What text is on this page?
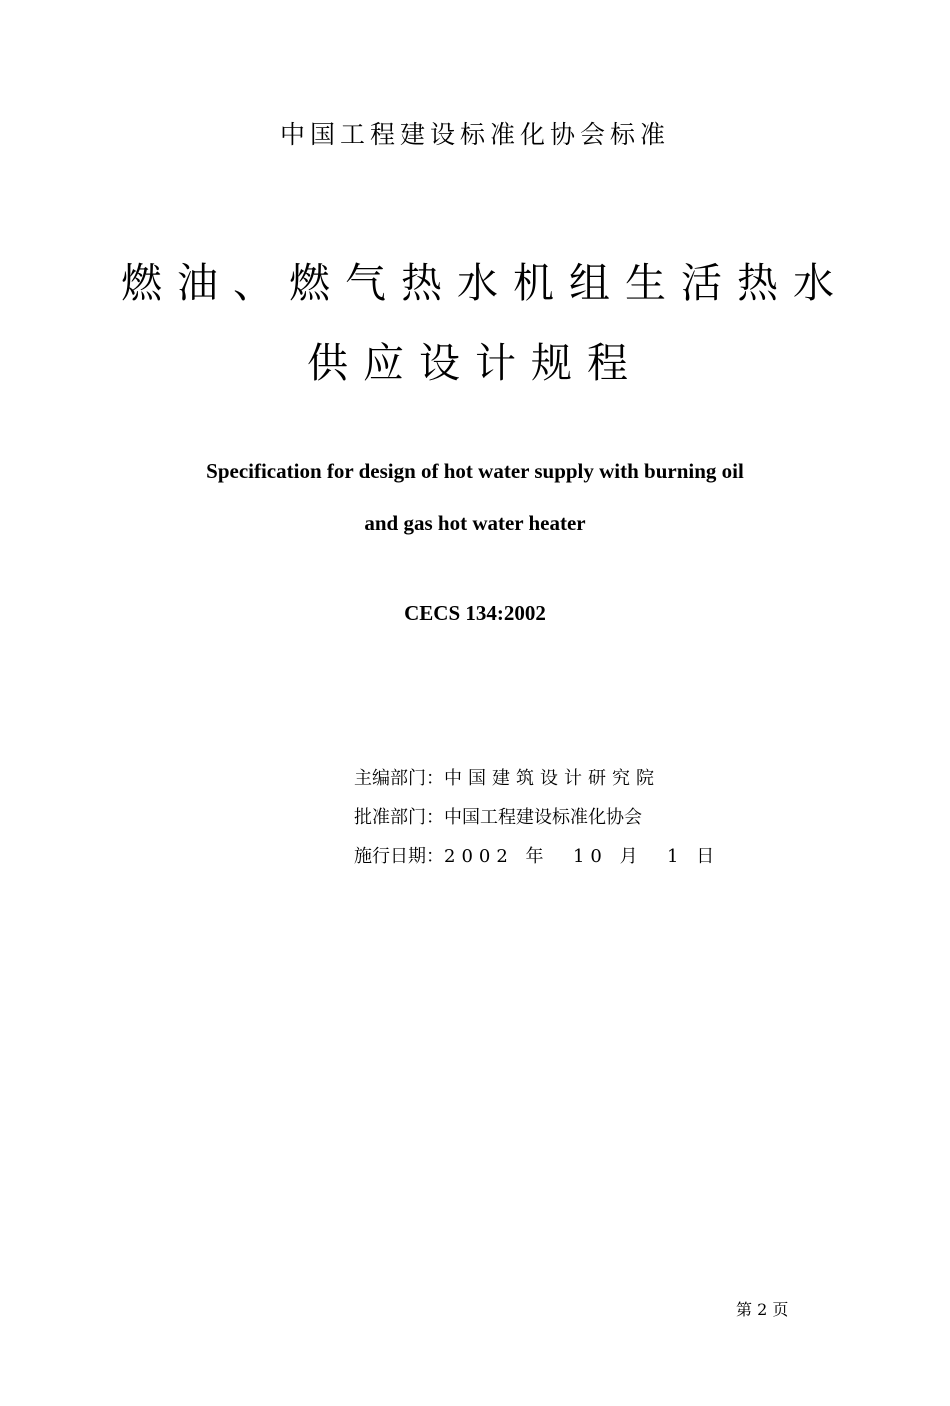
中国工程建设标准化协会标准
燃油、燃气热水机组生活热水
供应设计规程
Specification for design of hot water supply with burning oil
and gas hot water heater
CECS 134:2002
主编部门：中国建筑设计研究院
批准部门：中国工程建设标准化协会
施行日期：2002 年  10 月  1 日
第 2 页
